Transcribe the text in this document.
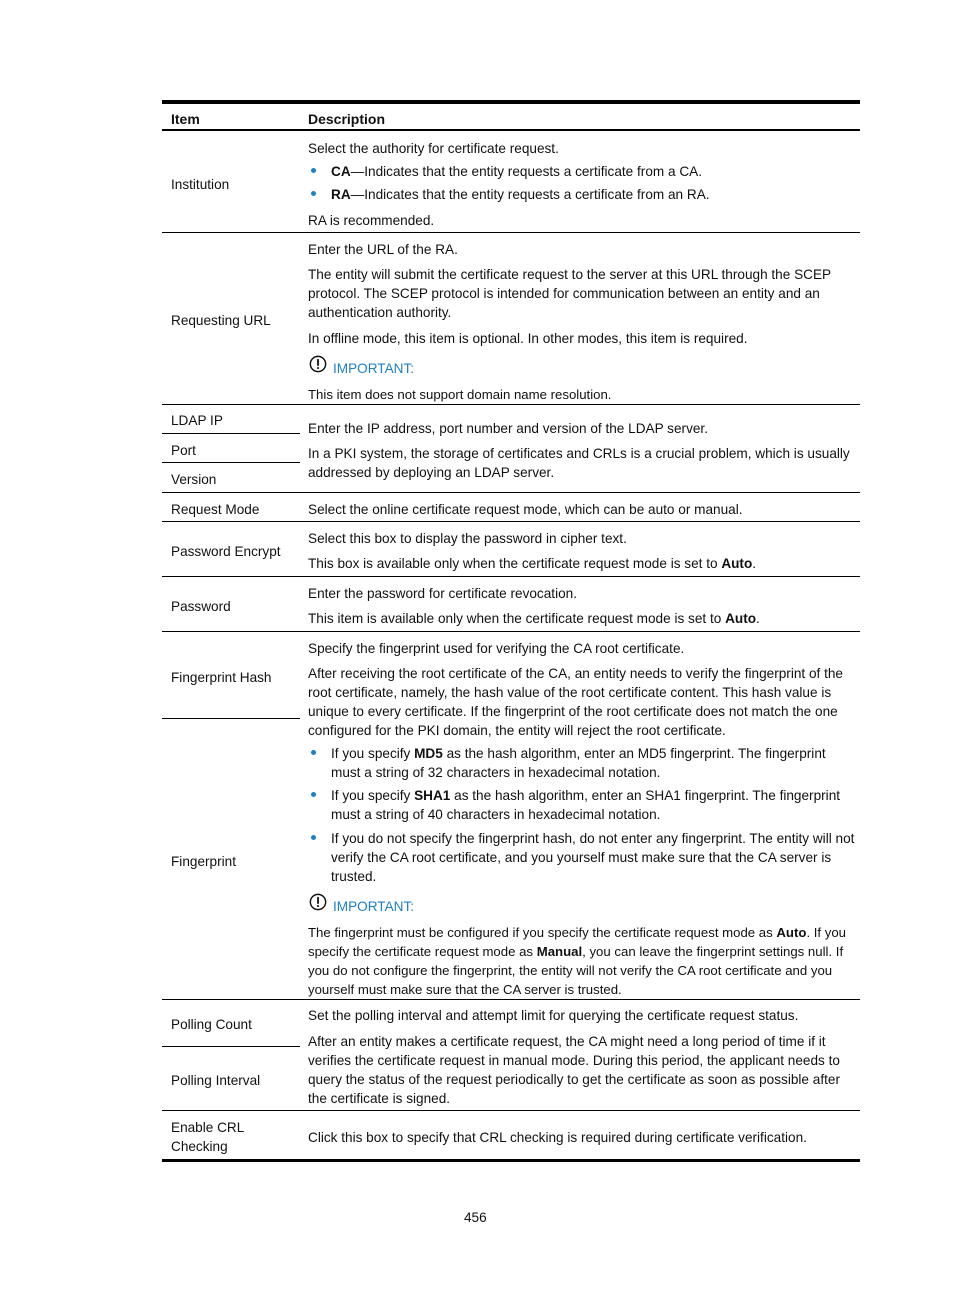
Item	Description
Institution
Select the authority for certificate request.
CA—Indicates that the entity requests a certificate from a CA.
RA—Indicates that the entity requests a certificate from an RA.
RA is recommended.
Requesting URL
Enter the URL of the RA.
The entity will submit the certificate request to the server at this URL through the SCEP protocol. The SCEP protocol is intended for communication between an entity and an authentication authority.
In offline mode, this item is optional. In other modes, this item is required.
IMPORTANT:
This item does not support domain name resolution.
LDAP IP
Port
Version
Enter the IP address, port number and version of the LDAP server.
In a PKI system, the storage of certificates and CRLs is a crucial problem, which is usually addressed by deploying an LDAP server.
Request Mode	Select the online certificate request mode, which can be auto or manual.
Password Encrypt
Select this box to display the password in cipher text.
This box is available only when the certificate request mode is set to Auto.
Password
Enter the password for certificate revocation.
This item is available only when the certificate request mode is set to Auto.
Fingerprint Hash
Fingerprint
Specify the fingerprint used for verifying the CA root certificate.
After receiving the root certificate of the CA, an entity needs to verify the fingerprint of the root certificate, namely, the hash value of the root certificate content. This hash value is unique to every certificate. If the fingerprint of the root certificate does not match the one configured for the PKI domain, the entity will reject the root certificate.
If you specify MD5 as the hash algorithm, enter an MD5 fingerprint. The fingerprint must a string of 32 characters in hexadecimal notation.
If you specify SHA1 as the hash algorithm, enter an SHA1 fingerprint. The fingerprint must a string of 40 characters in hexadecimal notation.
If you do not specify the fingerprint hash, do not enter any fingerprint. The entity will not verify the CA root certificate, and you yourself must make sure that the CA server is trusted.
IMPORTANT:
The fingerprint must be configured if you specify the certificate request mode as Auto. If you specify the certificate request mode as Manual, you can leave the fingerprint settings null. If you do not configure the fingerprint, the entity will not verify the CA root certificate and you yourself must make sure that the CA server is trusted.
Polling Count
Polling Interval
Set the polling interval and attempt limit for querying the certificate request status.
After an entity makes a certificate request, the CA might need a long period of time if it verifies the certificate request in manual mode. During this period, the applicant needs to query the status of the request periodically to get the certificate as soon as possible after the certificate is signed.
Enable CRL Checking
Click this box to specify that CRL checking is required during certificate verification.
456
